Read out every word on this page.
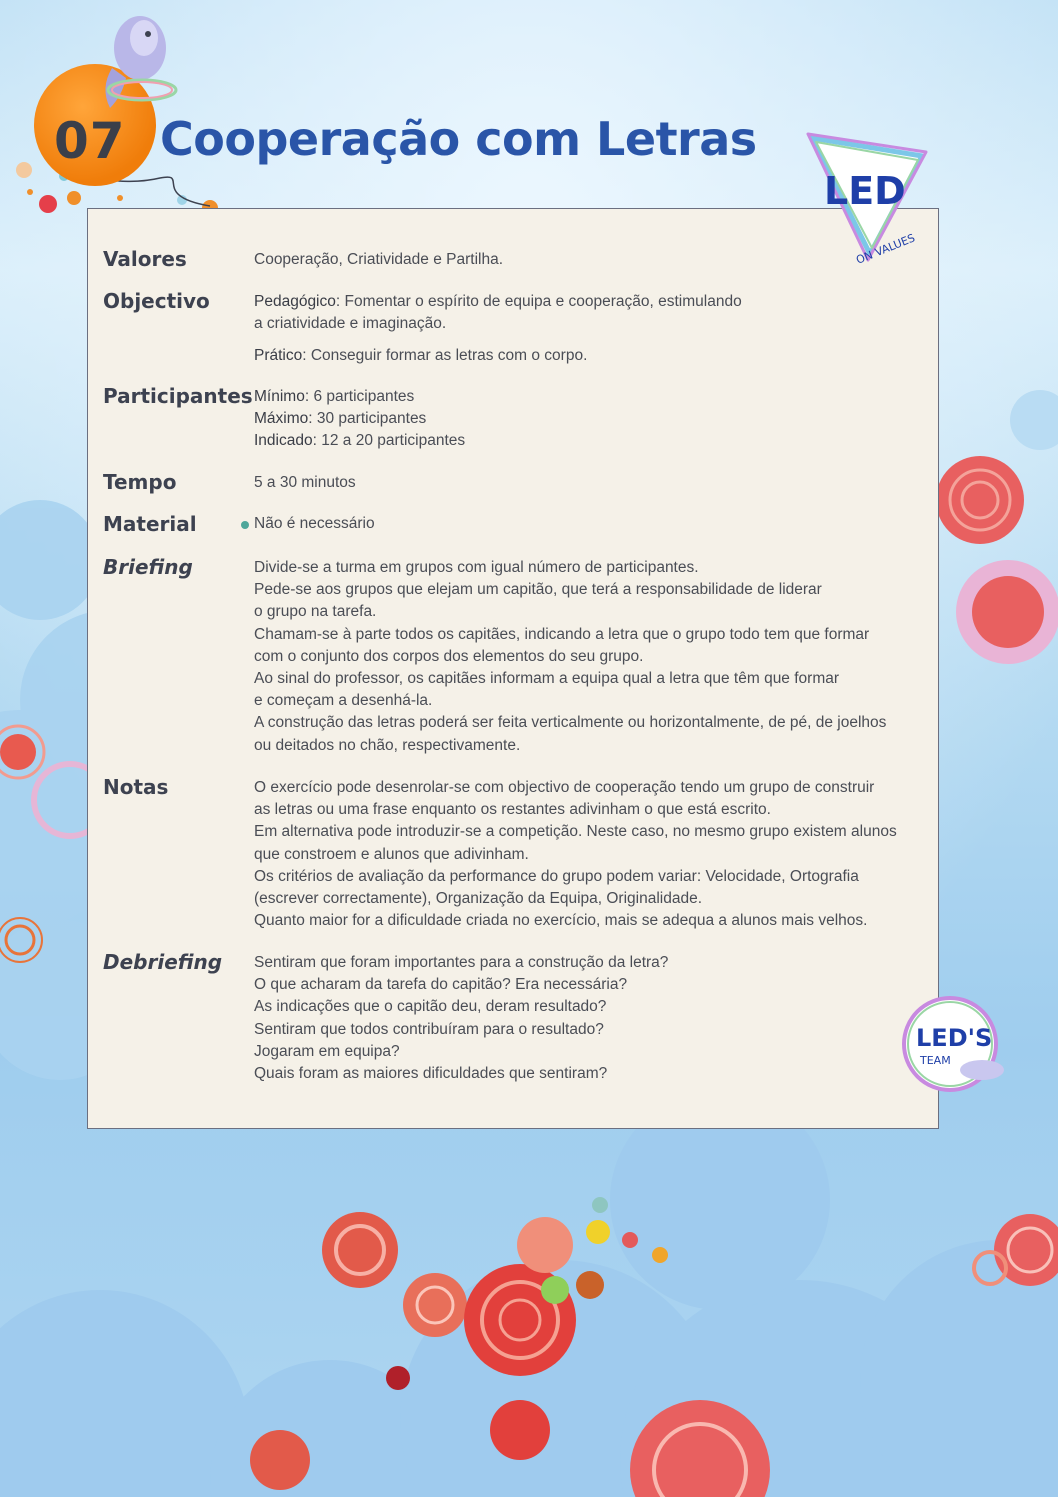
07 Cooperação com Letras
LED
ON VALUES
Valores	Cooperação, Criatividade e Partilha.

Objectivo	Pedagógico: Fomentar o espírito de equipa e cooperação, estimulando

a criatividade e imaginação.

Prático: Conseguir formar as letras com o corpo.

Participantes Mínimo: 6 participantes

Máximo: 30 participantes

Indicado: 12 a 20 participantes

Tempo	5 a 30 minutos

Material	Não é necessário

Briefing	Divide-se a turma em grupos com igual número de participantes.

Pede-se aos grupos que elejam um capitão, que terá a responsabilidade de liderar

o grupo na tarefa.

Chamam-se à parte todos os capitães, indicando a letra que o grupo todo tem que formar

com o conjunto dos corpos dos elementos do seu grupo.

Ao sinal do professor, os capitães informam a equipa qual a letra que têm que formar

e começam a desenhá-la.

A construção das letras poderá ser feita verticalmente ou horizontalmente, de pé, de joelhos

ou deitados no chão, respectivamente.

Notas	O exercício pode desenrolar-se com objectivo de cooperação tendo um grupo de construir

as letras ou uma frase enquanto os restantes adivinham o que está escrito.

Em alternativa pode introduzir-se a competição. Neste caso, no mesmo grupo existem alunos

que constroem e alunos que adivinham.

Os critérios de avaliação da performance do grupo podem variar: Velocidade, Ortografia

(escrever correctamente), Organização da Equipa, Originalidade.

Quanto maior for a dificuldade criada no exercício, mais se adequa a alunos mais velhos.

Debriefing Sentiram que foram importantes para a construção da letra?

O que acharam da tarefa do capitão? Era necessária?

As indicações que o capitão deu, deram resultado?

Sentiram que todos contribuíram para o resultado?

Jogaram em equipa?

Quais foram as maiores dificuldades que sentiram?

LED'S
TEAM
